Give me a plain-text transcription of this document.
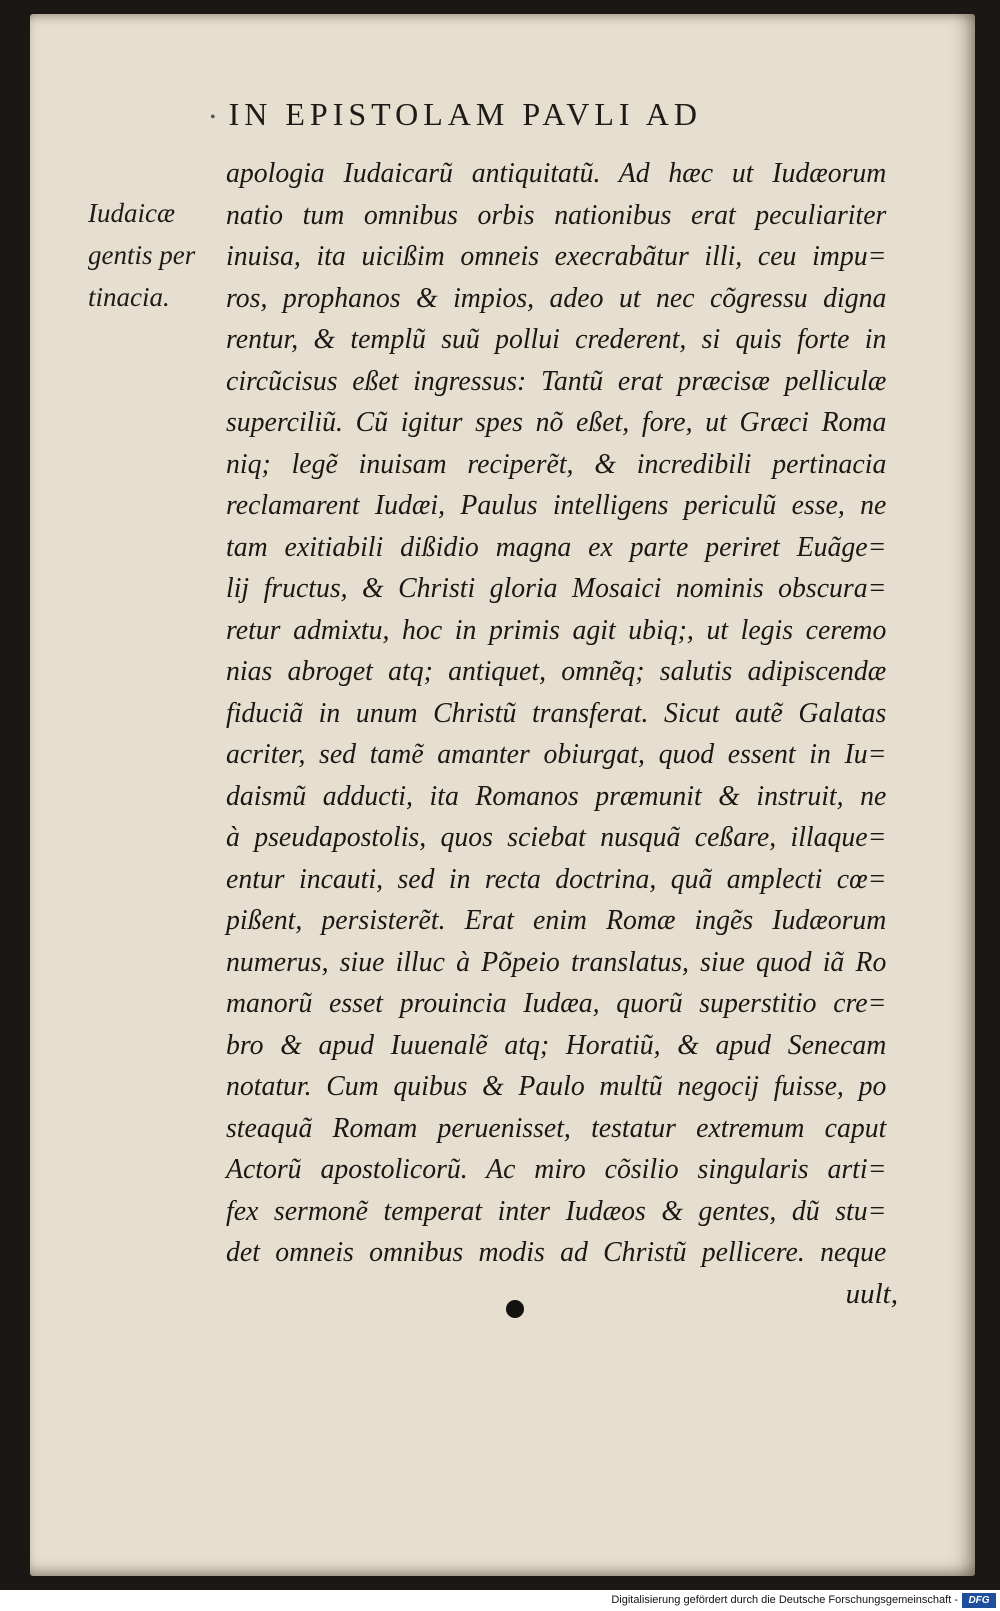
• IN EPISTOLAM PAVLI AD
Iudaicæ
gentis per
tinacia.
apologia Iudaicarũ antiquitatũ. Ad hæc ut Iudæorum
natio tum omnibus orbis nationibus erat peculiariter
inuisa, ita uicißim omneis execrabãtur illi, ceu impu=
ros, prophanos & impios, adeo ut nec cõgressu digna
rentur, & templũ suũ pollui crederent, si quis forte in
circũcisus eßet ingressus: Tantũ erat præcisæ pelliculæ
superciliũ. Cũ igitur spes nõ eßet, fore, ut Græci Roma
niq; legẽ inuisam reciperẽt, & incredibili pertinacia
reclamarent Iudæi, Paulus intelligens periculũ esse, ne
tam exitiabili dißidio magna ex parte periret Euãge=
lij fructus, & Christi gloria Mosaici nominis obscura=
retur admixtu, hoc in primis agit ubiq;, ut legis ceremo
nias abroget atq; antiquet, omnẽq; salutis adipiscendæ
fiduciã in unum Christũ transferat. Sicut autẽ Galatas
acriter, sed tamẽ amanter obiurgat, quod essent in Iu=
daismũ adducti, ita Romanos præmunit & instruit, ne
à pseudapostolis, quos sciebat nusquã ceßare, illaque=
entur incauti, sed in recta doctrina, quã amplecti cœ=
pißent, persisterẽt. Erat enim Romæ ingẽs Iudæorum
numerus, siue illuc à Põpeio translatus, siue quod iã Ro
manorũ esset prouincia Iudæa, quorũ superstitio cre=
bro & apud Iuuenalẽ atq; Horatiũ, & apud Senecam
notatur. Cum quibus & Paulo multũ negocij fuisse, po
steaquã Romam peruenisset, testatur extremum caput
Actorũ apostolicorũ. Ac miro cõsilio singularis arti=
fex sermonẽ temperat inter Iudæos & gentes, dũ stu=
det omneis omnibus modis ad Christũ pellicere. neque
uult,
Digitalisierung gefördert durch die Deutsche Forschungsgemeinschaft -	DFG
